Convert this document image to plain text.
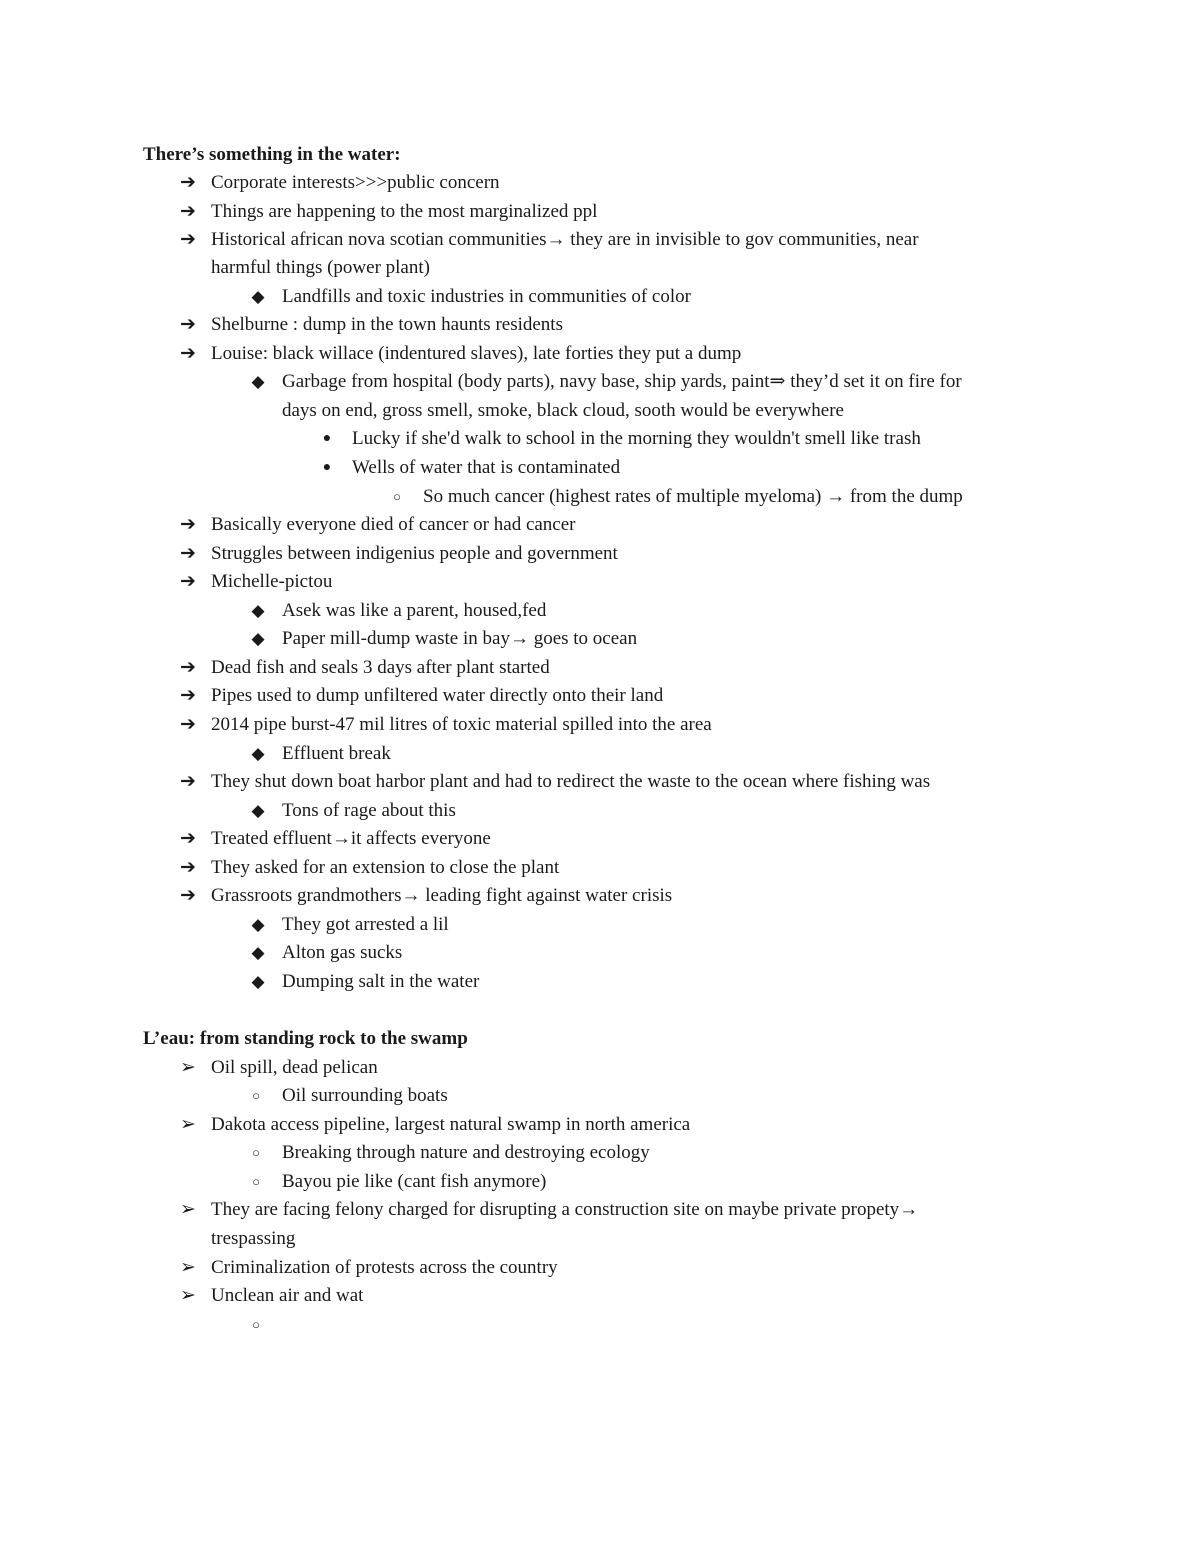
There’s something in the water:
➔ Corporate interests>>>public concern
➔ Things are happening to the most marginalized ppl
➔ Historical african nova scotian communities→ they are in invisible to gov communities, near
harmful things (power plant)
◆ Landfills and toxic industries in communities of color
➔ Shelburne : dump in the town haunts residents
➔ Louise: black willace (indentured slaves), late forties they put a dump
◆ Garbage from hospital (body parts), navy base, ship yards, paint⇒ they’d set it on fire for
days on end, gross smell, smoke, black cloud, sooth would be everywhere
●	Lucky if she'd walk to school in the morning they wouldn't smell like trash
●	Wells of water that is contaminated
○	So much cancer (highest rates of multiple myeloma) → from the dump
➔ Basically everyone died of cancer or had cancer
➔ Struggles between indigenius people and government
➔ Michelle-pictou
◆ Asek was like a parent, housed,fed
◆ Paper mill-dump waste in bay→ goes to ocean
➔ Dead fish and seals 3 days after plant started
➔ Pipes used to dump unfiltered water directly onto their land
➔ 2014 pipe burst-47 mil litres of toxic material spilled into the area
◆ Effluent break
➔ They shut down boat harbor plant and had to redirect the waste to the ocean where fishing was
◆ Tons of rage about this
➔ Treated effluent→it affects everyone
➔ They asked for an extension to close the plant
➔ Grassroots grandmothers→ leading fight against water crisis
◆ They got arrested a lil
◆ Alton gas sucks
◆ Dumping salt in the water
L’eau: from standing rock to the swamp
➢ Oil spill, dead pelican
○	Oil surrounding boats
➢ Dakota access pipeline, largest natural swamp in north america
○	Breaking through nature and destroying ecology
○	Bayou pie like (cant fish anymore)
➢ They are facing felony charged for disrupting a construction site on maybe private propety→
trespassing
➢ Criminalization of protests across the country
➢ Unclean air and wat
○
